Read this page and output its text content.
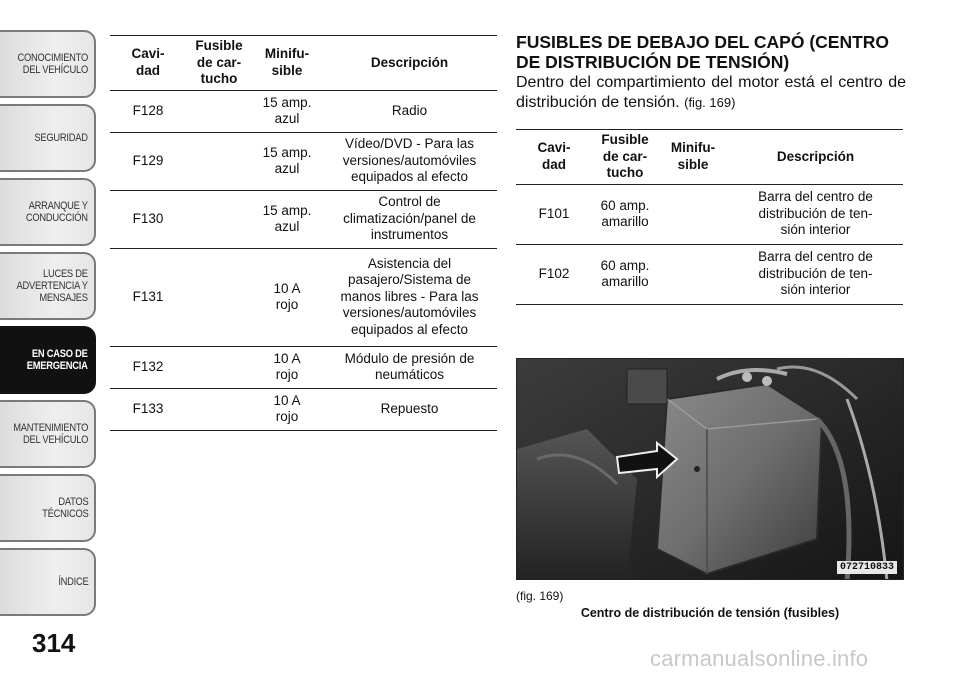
CONOCIMIENTO
DEL VEHÍCULO
SEGURIDAD
ARRANQUE Y
CONDUCCIÓN
LUCES DE
ADVERTENCIA Y
MENSAJES
EN CASO DE
EMERGENCIA
MANTENIMIENTO
DEL VEHÍCULO
DATOS
TÉCNICOS
ÍNDICE
314
Cavi-
dad	Fusible
de car-
tucho	Minifu-
sible	Descripción
F128		15 amp.
azul	Radio
F129		15 amp.
azul	Vídeo/DVD - Para las
versiones/automóviles
equipados al efecto
F130		15 amp.
azul	Control de
climatización/panel de
instrumentos
F131		10 A
rojo	Asistencia del
pasajero/Sistema de
manos libres - Para las
versiones/automóviles
equipados al efecto
F132		10 A
rojo	Módulo de presión de
neumáticos
F133		10 A
rojo	Repuesto
FUSIBLES DE DEBAJO DEL CAPÓ (CENTRO DE DISTRIBUCIÓN DE TENSIÓN)
Dentro del compartimiento del motor está el centro de distribución de tensión. (fig. 169)
Cavi-
dad	Fusible
de car-
tucho	Minifu-
sible	Descripción
F101	60 amp.
amarillo		Barra del centro de
distribución de ten-
sión interior
F102	60 amp.
amarillo		Barra del centro de
distribución de ten-
sión interior
072710833
(fig. 169)
Centro de distribución de tensión (fusibles)
carmanualsonline.info
